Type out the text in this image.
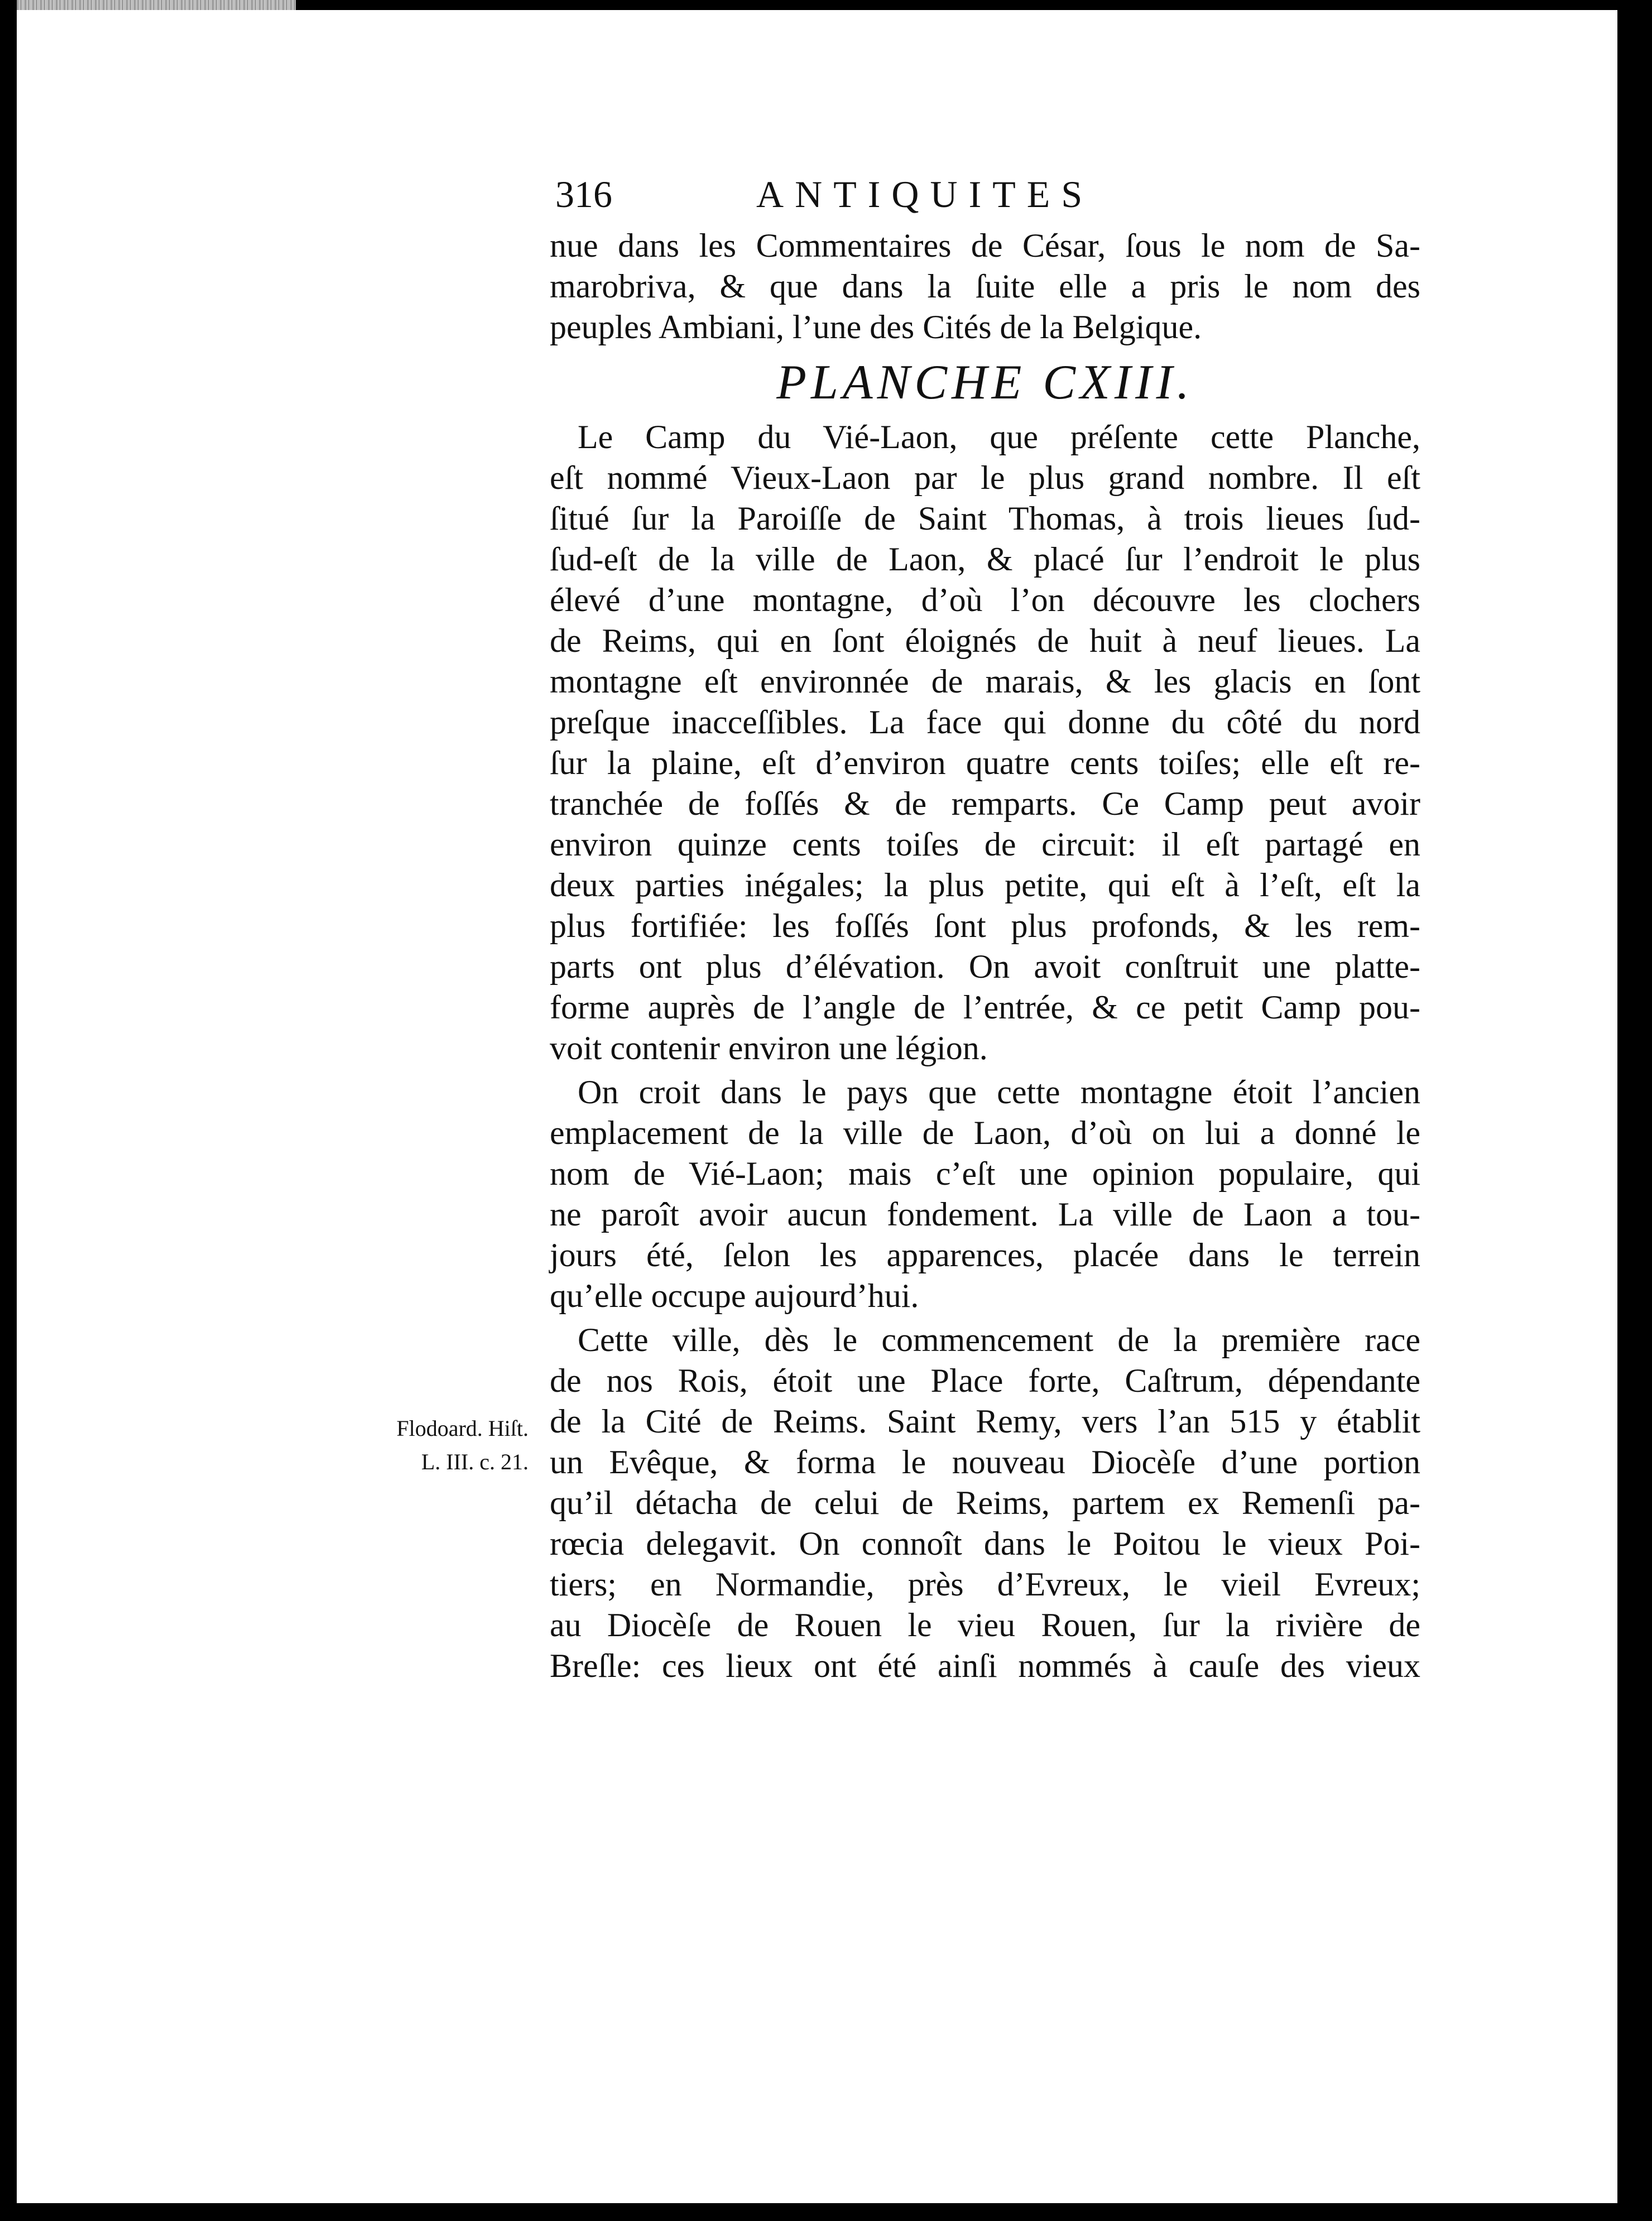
316	ANTIQUITES
nue dans les Commentaires de César, ſous le nom de Sa-
marobriva, & que dans la ſuite elle a pris le nom des
peuples Ambiani, l’une des Cités de la Belgique.
PLANCHE CXIII.
Le Camp du Vié-Laon, que préſente cette Planche,
eſt nommé Vieux-Laon par le plus grand nombre. Il eſt
ſitué ſur la Paroiſſe de Saint Thomas, à trois lieues ſud-
ſud-eſt de la ville de Laon, & placé ſur l’endroit le plus
élevé d’une montagne, d’où l’on découvre les clochers
de Reims, qui en ſont éloignés de huit à neuf lieues. La
montagne eſt environnée de marais, & les glacis en ſont
preſque inacceſſibles. La face qui donne du côté du nord
ſur la plaine, eſt d’environ quatre cents toiſes; elle eſt re-
tranchée de foſſés & de remparts. Ce Camp peut avoir
environ quinze cents toiſes de circuit: il eſt partagé en
deux parties inégales; la plus petite, qui eſt à l’eſt, eſt la
plus fortifiée: les foſſés ſont plus profonds, & les rem-
parts ont plus d’élévation. On avoit conſtruit une platte-
forme auprès de l’angle de l’entrée, & ce petit Camp pou-
voit contenir environ une légion.
On croit dans le pays que cette montagne étoit l’ancien
emplacement de la ville de Laon, d’où on lui a donné le
nom de Vié-Laon; mais c’eſt une opinion populaire, qui
ne paroît avoir aucun fondement. La ville de Laon a tou-
jours été, ſelon les apparences, placée dans le terrein
qu’elle occupe aujourd’hui.
Cette ville, dès le commencement de la première race
de nos Rois, étoit une Place forte, Caſtrum, dépendante
de la Cité de Reims. Saint Remy, vers l’an 515 y établit
un Evêque, & forma le nouveau Diocèſe d’une portion
qu’il détacha de celui de Reims, partem ex Remenſi pa-
rœcia delegavit. On connoît dans le Poitou le vieux Poi-
tiers; en Normandie, près d’Evreux, le vieil Evreux;
au Diocèſe de Rouen le vieu Rouen, ſur la rivière de
Breſle: ces lieux ont été ainſi nommés à cauſe des vieux
Flodoard. Hiſt.
L. III. c. 21.
